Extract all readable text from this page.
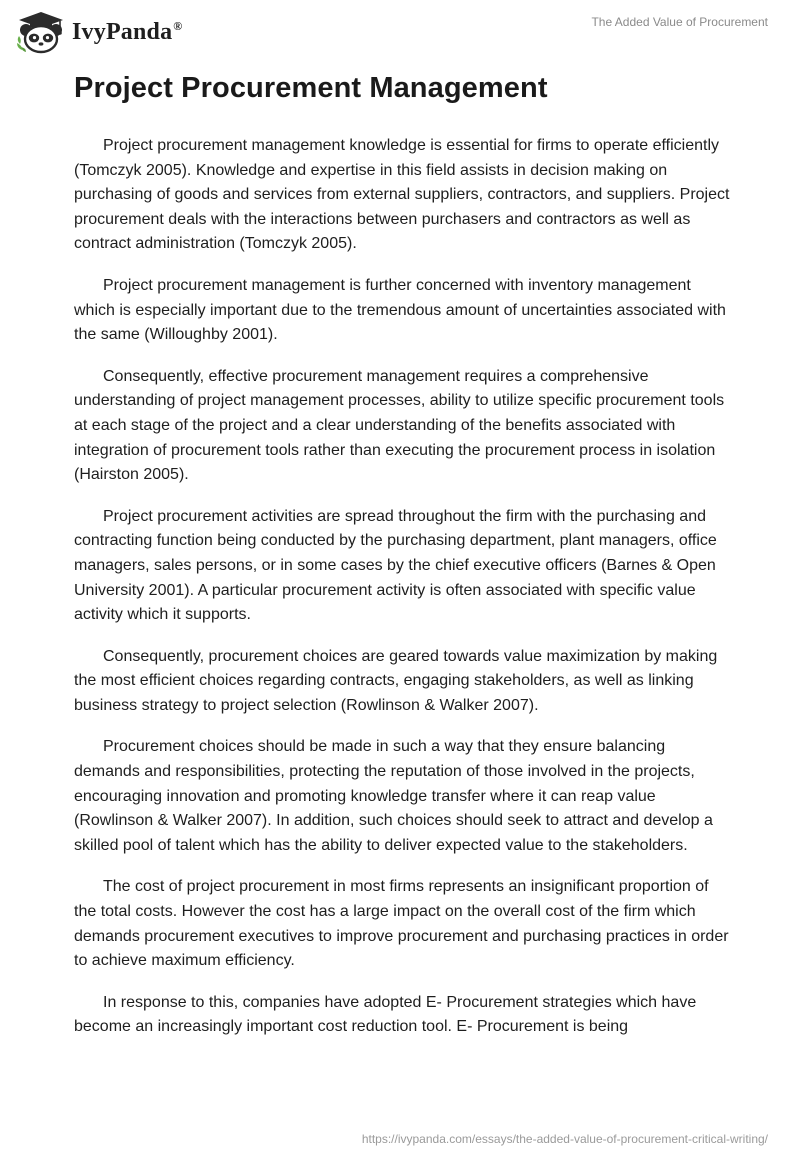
IvyPanda®	The Added Value of Procurement
Project Procurement Management

Project procurement management knowledge is essential for firms to operate efficiently (Tomczyk 2005). Knowledge and expertise in this field assists in decision making on purchasing of goods and services from external suppliers, contractors, and suppliers. Project procurement deals with the interactions between purchasers and contractors as well as contract administration (Tomczyk 2005).

Project procurement management is further concerned with inventory management which is especially important due to the tremendous amount of uncertainties associated with the same (Willoughby 2001).

Consequently, effective procurement management requires a comprehensive understanding of project management processes, ability to utilize specific procurement tools at each stage of the project and a clear understanding of the benefits associated with integration of procurement tools rather than executing the procurement process in isolation (Hairston 2005).

Project procurement activities are spread throughout the firm with the purchasing and contracting function being conducted by the purchasing department, plant managers, office managers, sales persons, or in some cases by the chief executive officers (Barnes & Open University 2001). A particular procurement activity is often associated with specific value activity which it supports.

Consequently, procurement choices are geared towards value maximization by making the most efficient choices regarding contracts, engaging stakeholders, as well as linking business strategy to project selection (Rowlinson & Walker 2007).

Procurement choices should be made in such a way that they ensure balancing demands and responsibilities, protecting the reputation of those involved in the projects, encouraging innovation and promoting knowledge transfer where it can reap value (Rowlinson & Walker 2007). In addition, such choices should seek to attract and develop a skilled pool of talent which has the ability to deliver expected value to the stakeholders.

The cost of project procurement in most firms represents an insignificant proportion of the total costs. However the cost has a large impact on the overall cost of the firm which demands procurement executives to improve procurement and purchasing practices in order to achieve maximum efficiency.

In response to this, companies have adopted E- Procurement strategies which have become an increasingly important cost reduction tool. E- Procurement is being

https://ivypanda.com/essays/the-added-value-of-procurement-critical-writing/
